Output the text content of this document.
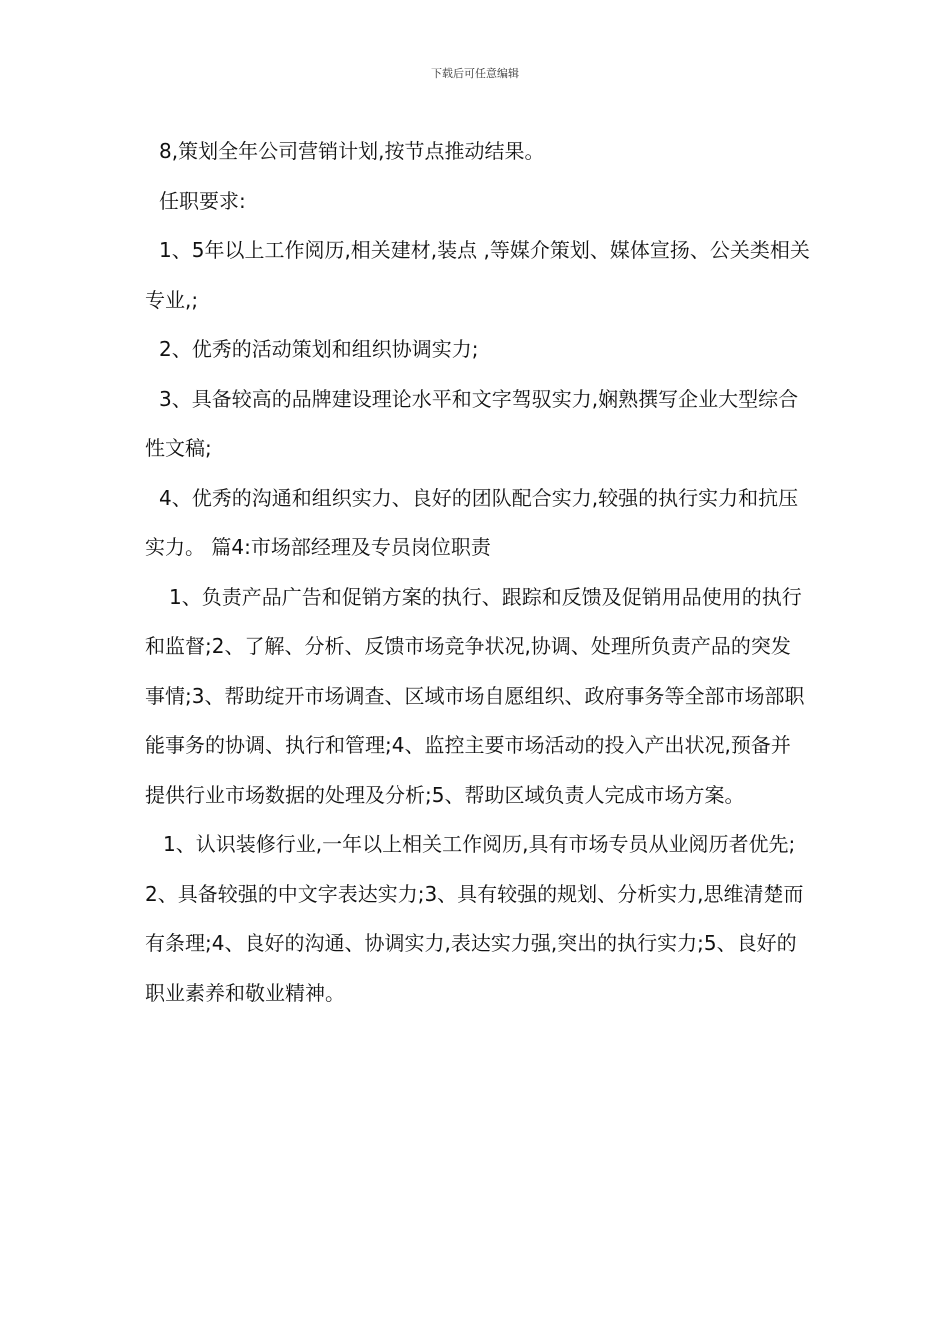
下载后可任意编辑

8,策划全年公司营销计划,按节点推动结果。

任职要求:

1、5年以上工作阅历,相关建材,装点 ,等媒介策划、媒体宣扬、公关类相关专业,;

2、优秀的活动策划和组织协调实力;

3、具备较高的品牌建设理论水平和文字驾驭实力,娴熟撰写企业大型综合性文稿;

4、优秀的沟通和组织实力、良好的团队配合实力,较强的执行实力和抗压实力。 篇4:市场部经理及专员岗位职责

1、负责产品广告和促销方案的执行、跟踪和反馈及促销用品使用的执行和监督;2、了解、分析、反馈市场竞争状况,协调、处理所负责产品的突发事情;3、帮助绽开市场调查、区域市场自愿组织、政府事务等全部市场部职能事务的协调、执行和管理;4、监控主要市场活动的投入产出状况,预备并提供行业市场数据的处理及分析;5、帮助区域负责人完成市场方案。

1、认识装修行业,一年以上相关工作阅历,具有市场专员从业阅历者优先;2、具备较强的中文字表达实力;3、具有较强的规划、分析实力,思维清楚而有条理;4、良好的沟通、协调实力,表达实力强,突出的执行实力;5、良好的职业素养和敬业精神。
